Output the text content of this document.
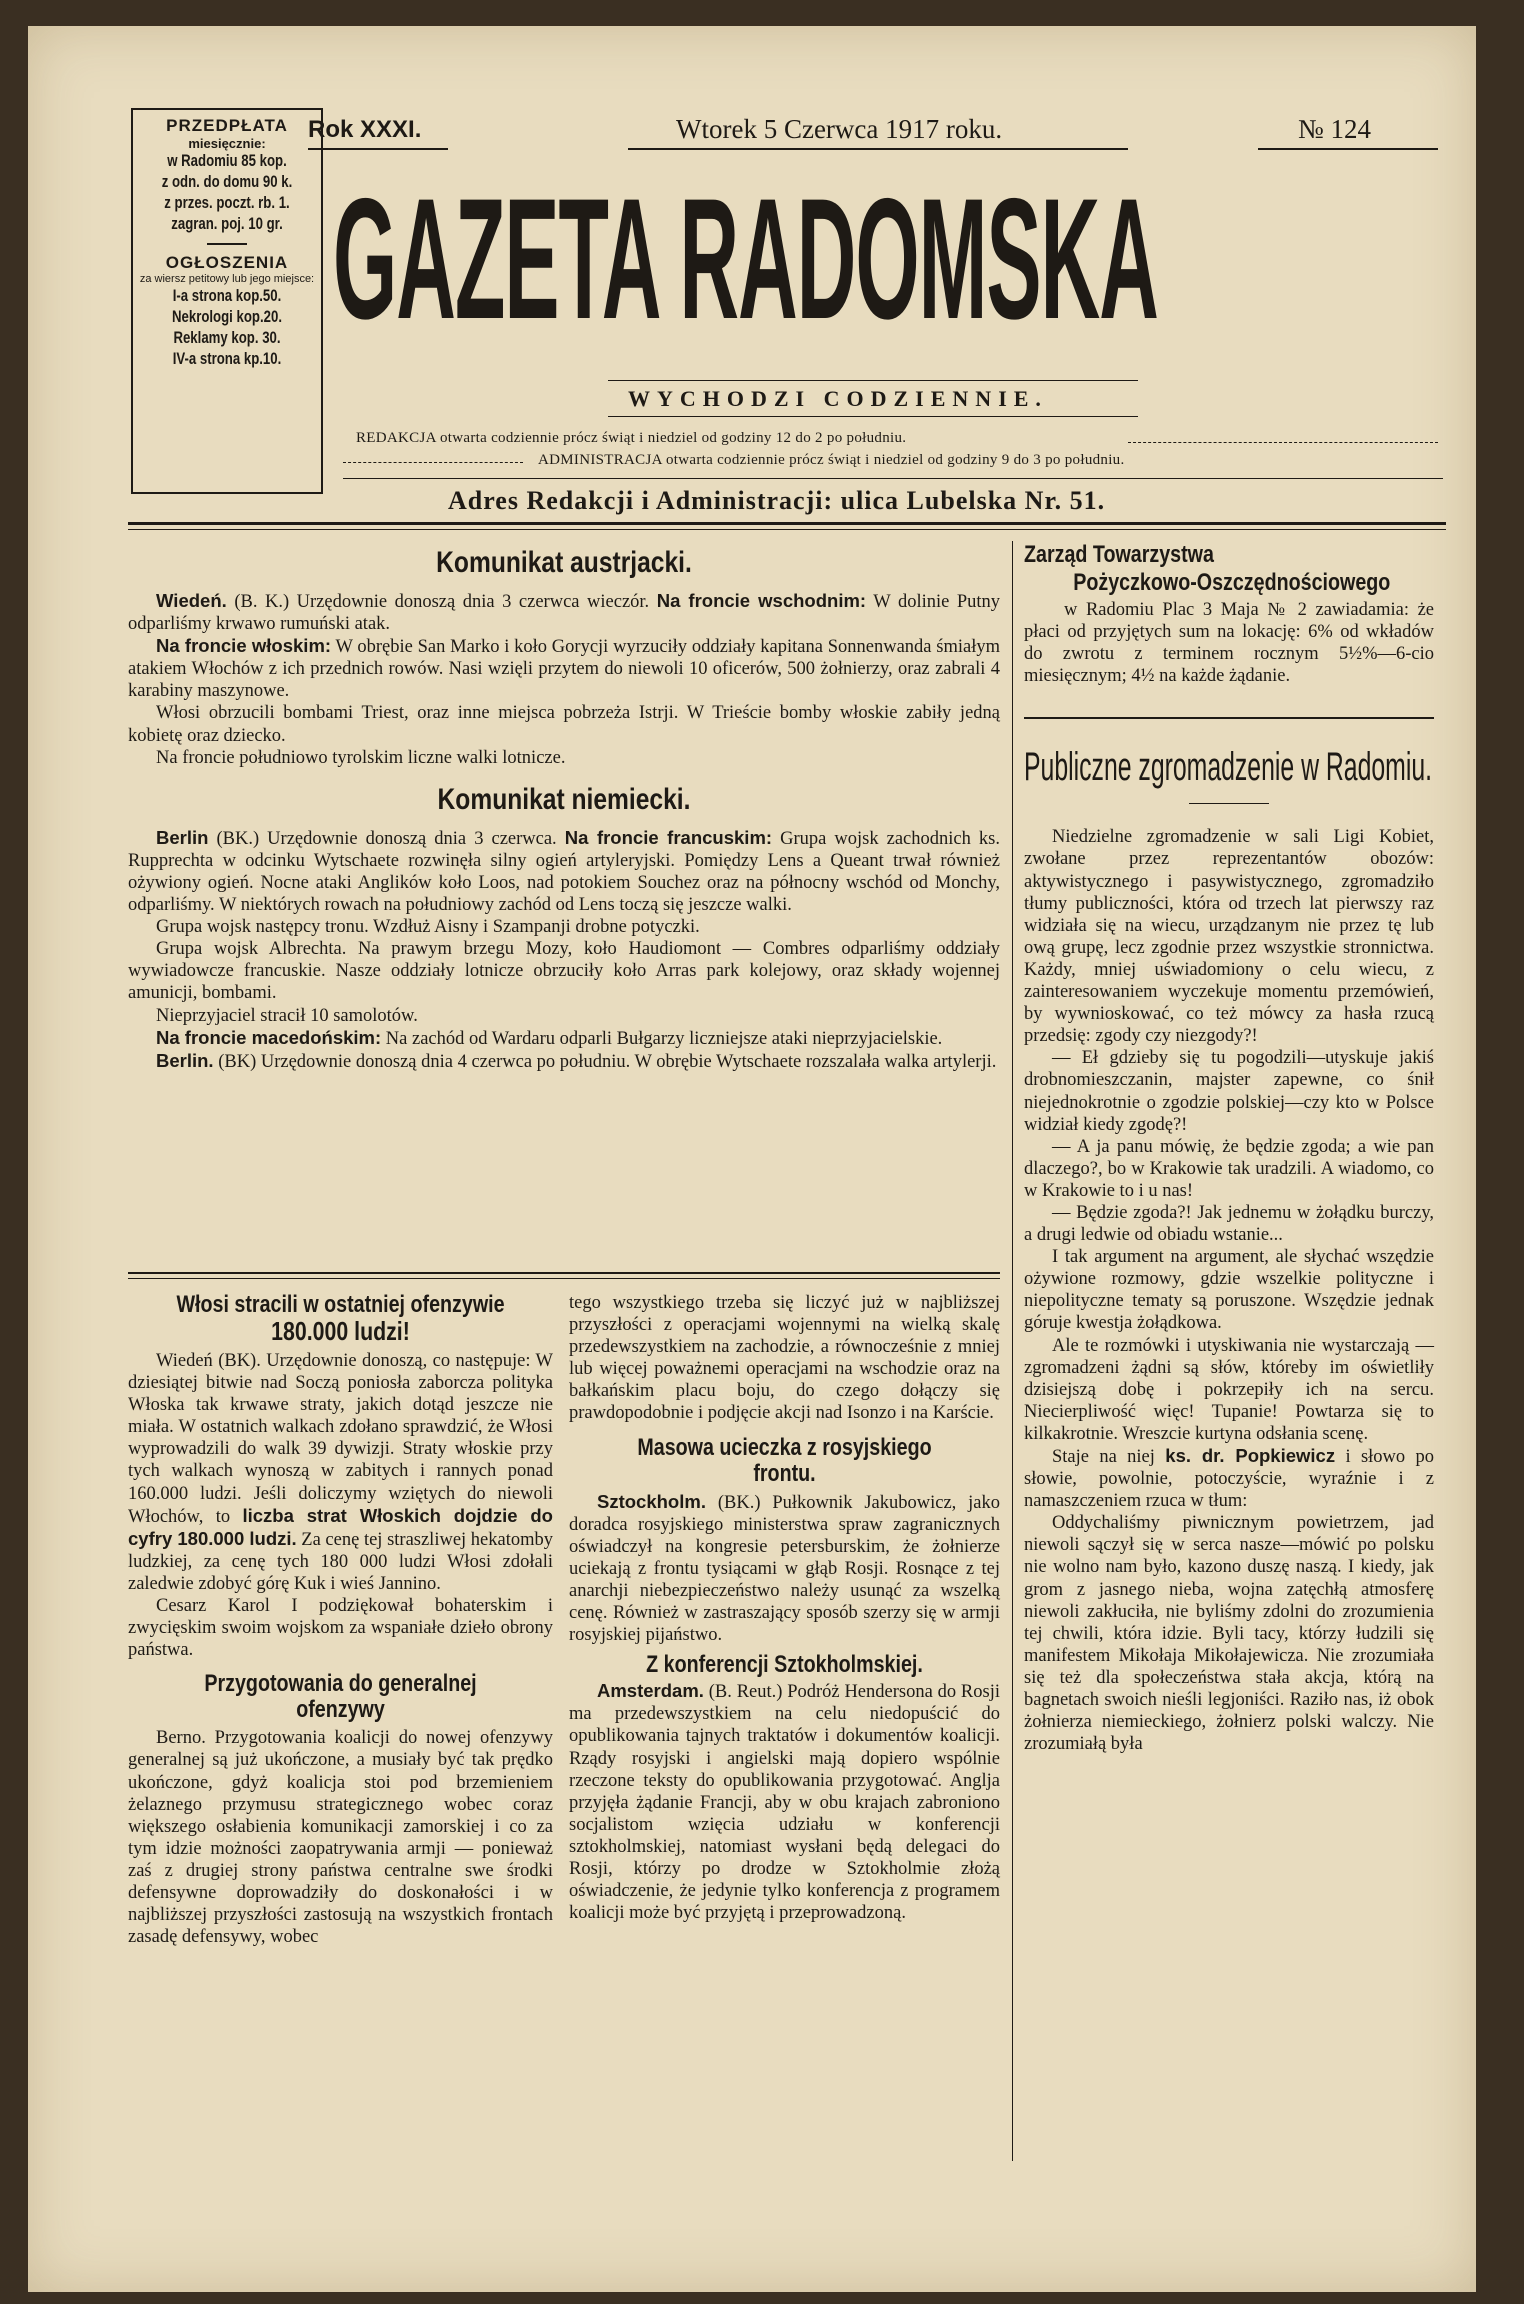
PRZEDPŁATA
miesięcznie:
w Radomiu 85 kop.
z odn. do domu 90 k.
z przes. poczt. rb. 1.
zagran. poj. 10 gr.
OGŁOSZENIA
za wiersz petitowy lub jego miejsce:
I-a strona kop.50.
Nekrologi kop.20.
Reklamy kop. 30.
IV-a strona kp.10.
Rok XXXI.	Wtorek 5 Czerwca 1917 roku.	№ 124
GAZETA RADOMSKA
WYCHODZI CODZIENNIE.
REDAKCJA otwarta codziennie prócz świąt i niedziel od godziny 12 do 2 po południu.
ADMINISTRACJA otwarta codziennie prócz świąt i niedziel od godziny 9 do 3 po południu.
Adres Redakcji i Administracji: ulica Lubelska Nr. 51.
Komunikat austrjacki.

Wiedeń. (B. K.) Urzędownie donoszą dnia 3 czerwca wieczór. Na froncie wschodnim: W dolinie Putny odparliśmy krwawo rumuński atak.

Na froncie włoskim: W obrębie San Marko i koło Gorycji wyrzuciły oddziały kapitana Sonnenwanda śmiałym atakiem Włochów z ich przednich rowów. Nasi wzięli przytem do niewoli 10 oficerów, 500 żołnierzy, oraz zabrali 4 karabiny maszynowe.

Włosi obrzucili bombami Triest, oraz inne miejsca pobrzeża Istrji. W Trieście bomby włoskie zabiły jedną kobietę oraz dziecko.

Na froncie południowo tyrolskim liczne walki lotnicze.

Komunikat niemiecki.

Berlin (BK.) Urzędownie donoszą dnia 3 czerwca. Na froncie francuskim: Grupa wojsk zachodnich ks. Rupprechta w odcinku Wytschaete rozwinęła silny ogień artyleryjski. Pomiędzy Lens a Queant trwał również ożywiony ogień. Nocne ataki Anglików koło Loos, nad potokiem Souchez oraz na północny wschód od Monchy, odparliśmy. W niektórych rowach na południowy zachód od Lens toczą się jeszcze walki.

Grupa wojsk następcy tronu. Wzdłuż Aisny i Szampanji drobne potyczki.

Grupa wojsk Albrechta. Na prawym brzegu Mozy, koło Haudiomont — Combres odparliśmy oddziały wywiadowcze francuskie. Nasze oddziały lotnicze obrzuciły koło Arras park kolejowy, oraz składy wojennej amunicji, bombami.

Nieprzyjaciel stracił 10 samolotów.

Na froncie macedońskim: Na zachód od Wardaru odparli Bułgarzy liczniejsze ataki nieprzyjacielskie.

Berlin. (BK) Urzędownie donoszą dnia 4 czerwca po południu. W obrębie Wytschaete rozszalała walka artylerji.

Włosi stracili w ostatniej ofenzywie
180.000 ludzi!

Wiedeń (BK). Urzędownie donoszą, co następuje: W dziesiątej bitwie nad Soczą poniosła zaborcza polityka Włoska tak krwawe straty, jakich dotąd jeszcze nie miała. W ostatnich walkach zdołano sprawdzić, że Włosi wyprowadzili do walk 39 dywizji. Straty włoskie przy tych walkach wynoszą w zabitych i rannych ponad 160.000 ludzi. Jeśli doliczymy wziętych do niewoli Włochów, to liczba strat Włoskich dojdzie do cyfry 180.000 ludzi. Za cenę tej straszliwej hekatomby ludzkiej, za cenę tych 180 000 ludzi Włosi zdołali zaledwie zdobyć górę Kuk i wieś Jannino.

Cesarz Karol I podziękował bohaterskim i zwycięskim swoim wojskom za wspaniałe dzieło obrony państwa.

Przygotowania do generalnej
ofenzywy

Berno. Przygotowania koalicji do nowej ofenzywy generalnej są już ukończone, a musiały być tak prędko ukończone, gdyż koalicja stoi pod brzemieniem żelaznego przymusu strategicznego wobec coraz większego osłabienia komunikacji zamorskiej i co za tym idzie możności zaopatrywania armji — ponieważ zaś z drugiej strony państwa centralne swe środki defensywne doprowadziły do doskonałości i w najbliższej przyszłości zastosują na wszystkich frontach zasadę defensywy, wobec

tego wszystkiego trzeba się liczyć już w najbliższej przyszłości z operacjami wojennymi na wielką skalę przedewszystkiem na zachodzie, a równocześnie z mniej lub więcej poważnemi operacjami na wschodzie oraz na bałkańskim placu boju, do czego dołączy się prawdopodobnie i podjęcie akcji nad Isonzo i na Karście.

Masowa ucieczka z rosyjskiego
frontu.

Sztockholm. (BK.) Pułkownik Jakubowicz, jako doradca rosyjskiego ministerstwa spraw zagranicznych oświadczył na kongresie petersburskim, że żołnierze uciekają z frontu tysiącami w głąb Rosji. Rosnące z tej anarchji niebezpieczeństwo należy usunąć za wszelką cenę. Również w zastraszający sposób szerzy się w armji rosyjskiej pijaństwo.

Z konferencji Sztokholmskiej.

Amsterdam. (B. Reut.) Podróż Hendersona do Rosji ma przedewszystkiem na celu niedopuścić do opublikowania tajnych traktatów i dokumentów koalicji. Rządy rosyjski i angielski mają dopiero wspólnie rzeczone teksty do opublikowania przygotować. Anglja przyjęła żądanie Francji, aby w obu krajach zabroniono socjalistom wzięcia udziału w konferencji sztokholmskiej, natomiast wysłani będą delegaci do Rosji, którzy po drodze w Sztokholmie złożą oświadczenie, że jedynie tylko konferencja z programem koalicji może być przyjętą i przeprowadzoną.

Zarząd Towarzystwa
Pożyczkowo-Oszczędnościowego

w Radomiu Plac 3 Maja № 2 zawiadamia: że płaci od przyjętych sum na lokację: 6% od wkładów do zwrotu z terminem rocznym 5½%—6-cio miesięcznym; 4½ na każde żądanie.

Publiczne zgromadzenie w Radomiu.

Niedzielne zgromadzenie w sali Ligi Kobiet, zwołane przez reprezentantów obozów: aktywistycznego i pasywistycznego, zgromadziło tłumy publiczności, która od trzech lat pierwszy raz widziała się na wiecu, urządzanym nie przez tę lub ową grupę, lecz zgodnie przez wszystkie stronnictwa. Każdy, mniej uświadomiony o celu wiecu, z zainteresowaniem wyczekuje momentu przemówień, by wywnioskować, co też mówcy za hasła rzucą przedsię: zgody czy niezgody?!

— Eł gdzieby się tu pogodzili—utyskuje jakiś drobnomieszczanin, majster zapewne, co śnił niejednokrotnie o zgodzie polskiej—czy kto w Polsce widział kiedy zgodę?!

— A ja panu mówię, że będzie zgoda; a wie pan dlaczego?, bo w Krakowie tak uradzili. A wiadomo, co w Krakowie to i u nas!

— Będzie zgoda?! Jak jednemu w żołądku burczy, a drugi ledwie od obiadu wstanie...

I tak argument na argument, ale słychać wszędzie ożywione rozmowy, gdzie wszelkie polityczne i niepolityczne tematy są poruszone. Wszędzie jednak góruje kwestja żołądkowa.

Ale te rozmówki i utyskiwania nie wystarczają — zgromadzeni żądni są słów, któreby im oświetliły dzisiejszą dobę i pokrzepiły ich na sercu. Niecierpliwość więc! Tupanie! Powtarza się to kilkakrotnie. Wreszcie kurtyna odsłania scenę.

Staje na niej ks. dr. Popkiewicz i słowo po słowie, powolnie, potoczyście, wyraźnie i z namaszczeniem rzuca w tłum:

Oddychaliśmy piwnicznym powietrzem, jad niewoli sączył się w serca nasze—mówić po polsku nie wolno nam było, kazono duszę naszą. I kiedy, jak grom z jasnego nieba, wojna zatęchłą atmosferę niewoli zakłuciła, nie byliśmy zdolni do zrozumienia tej chwili, która idzie. Byli tacy, którzy łudzili się manifestem Mikołaja Mikołajewicza. Nie zrozumiała się też dla społeczeństwa stała akcja, którą na bagnetach swoich nieśli legjoniści. Raziło nas, iż obok żołnierza niemieckiego, żołnierz polski walczy. Nie zrozumiałą była
